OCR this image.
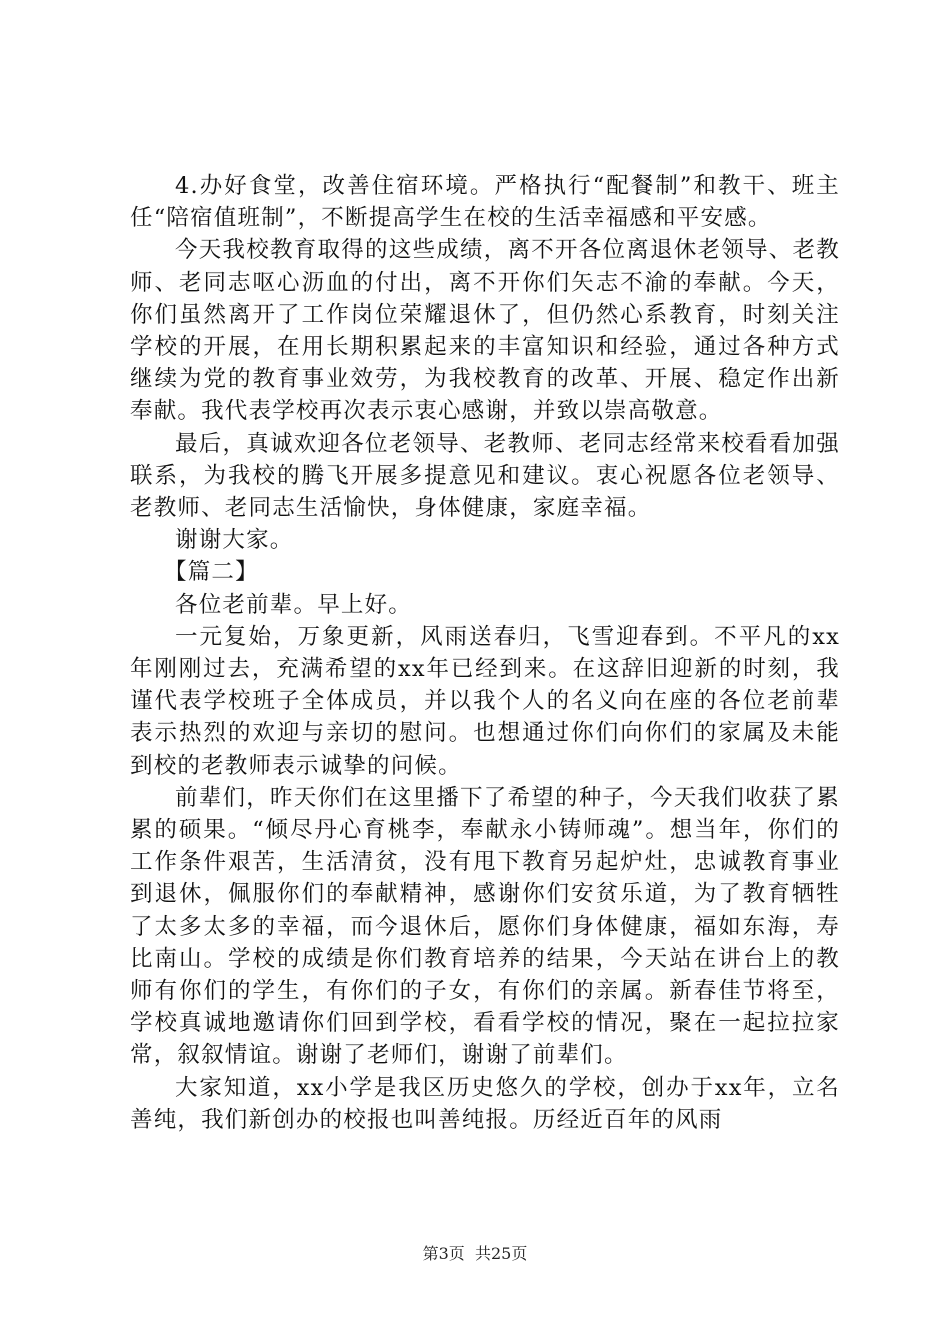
4.办好食堂，改善住宿环境。严格执行“配餐制”和教干、班主任“陪宿值班制”，不断提高学生在校的生活幸福感和平安感。

今天我校教育取得的这些成绩，离不开各位离退休老领导、老教师、老同志呕心沥血的付出，离不开你们矢志不渝的奉献。今天，你们虽然离开了工作岗位荣耀退休了，但仍然心系教育，时刻关注学校的开展，在用长期积累起来的丰富知识和经验，通过各种方式继续为党的教育事业效劳，为我校教育的改革、开展、稳定作出新奉献。我代表学校再次表示衷心感谢，并致以崇高敬意。

最后，真诚欢迎各位老领导、老教师、老同志经常来校看看加强联系，为我校的腾飞开展多提意见和建议。衷心祝愿各位老领导、老教师、老同志生活愉快，身体健康，家庭幸福。

谢谢大家。

【篇二】

各位老前辈。早上好。

一元复始，万象更新，风雨送春归，飞雪迎春到。不平凡的xx年刚刚过去，充满希望的xx年已经到来。在这辞旧迎新的时刻，我谨代表学校班子全体成员，并以我个人的名义向在座的各位老前辈表示热烈的欢迎与亲切的慰问。也想通过你们向你们的家属及未能到校的老教师表示诚挚的问候。

前辈们，昨天你们在这里播下了希望的种子，今天我们收获了累累的硕果。“倾尽丹心育桃李，奉献永小铸师魂”。想当年，你们的工作条件艰苦，生活清贫，没有甩下教育另起炉灶，忠诚教育事业到退休，佩服你们的奉献精神，感谢你们安贫乐道，为了教育牺牲了太多太多的幸福，而今退休后，愿你们身体健康，福如东海，寿比南山。学校的成绩是你们教育培养的结果，今天站在讲台上的教师有你们的学生，有你们的子女，有你们的亲属。新春佳节将至，学校真诚地邀请你们回到学校，看看学校的情况，聚在一起拉拉家常，叙叙情谊。谢谢了老师们，谢谢了前辈们。

大家知道，xx小学是我区历史悠久的学校，创办于xx年，立名善纯，我们新创办的校报也叫善纯报。历经近百年的风雨

第3页 共25页
